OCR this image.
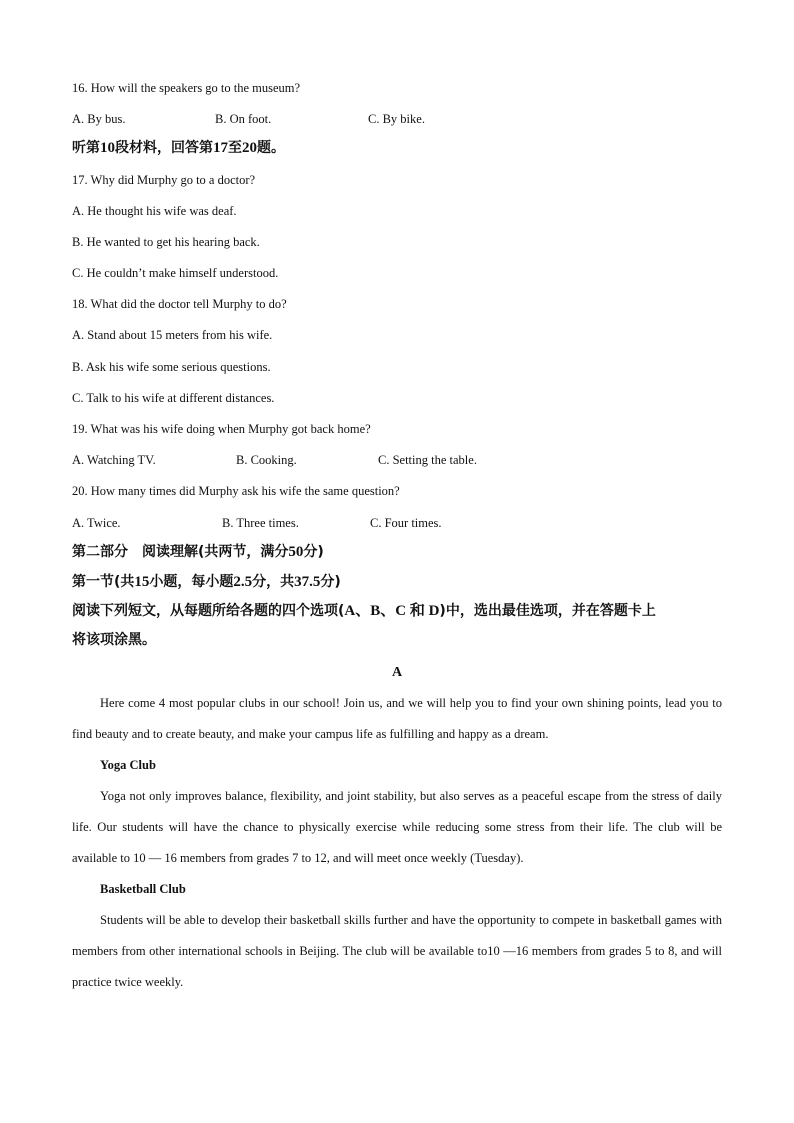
16. How will the speakers go to the museum?
A. By bus.	B. On foot.	C. By bike.
听第10段材料，回答第17至20题。
17. Why did Murphy go to a doctor?
A. He thought his wife was deaf.
B. He wanted to get his hearing back.
C. He couldn’t make himself understood.
18. What did the doctor tell Murphy to do?
A. Stand about 15 meters from his wife.
B. Ask his wife some serious questions.
C. Talk to his wife at different distances.
19. What was his wife doing when Murphy got back home?
A. Watching TV.	B. Cooking.	C. Setting the table.
20. How many times did Murphy ask his wife the same question?
A. Twice.	B. Three times.	C. Four times.
第二部分　阅读理解(共两节，满分50分)
第一节(共15小题，每小题2.5分，共37.5分)
阅读下列短文，从每题所给各题的四个选项(A、B、C 和 D)中，选出最佳选项，并在答题卡上
将该项涂黑。
A
Here come 4 most popular clubs in our school! Join us, and we will help you to find your own shining points, lead you to find beauty and to create beauty, and make your campus life as fulfilling and happy as a dream.
Yoga Club
Yoga not only improves balance, flexibility, and joint stability, but also serves as a peaceful escape from the stress of daily life. Our students will have the chance to physically exercise while reducing some stress from their life. The club will be available to 10 — 16 members from grades 7 to 12, and will meet once weekly (Tuesday).
Basketball Club
Students will be able to develop their basketball skills further and have the opportunity to compete in basketball games with members from other international schools in Beijing. The club will be available to10 —16 members from grades 5 to 8, and will practice twice weekly.
